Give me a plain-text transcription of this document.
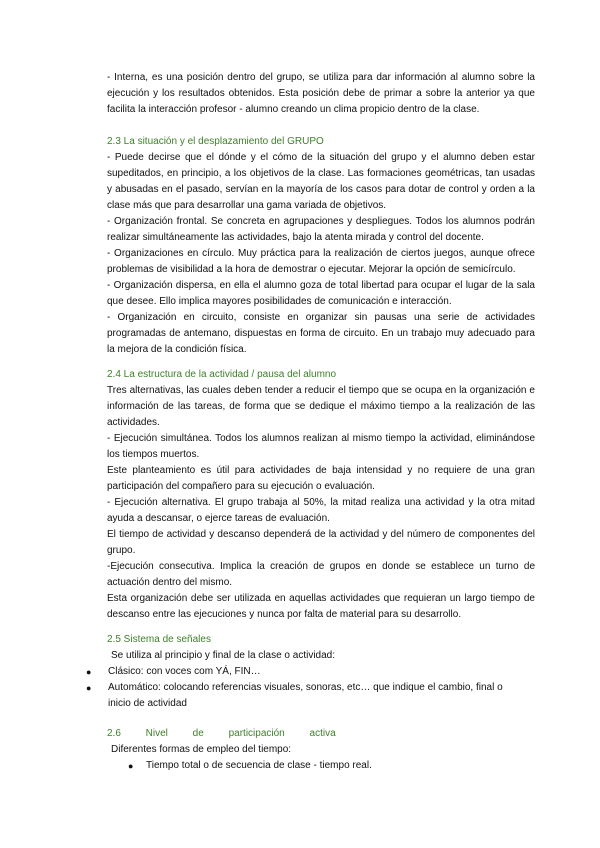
- Interna, es una posición dentro del grupo, se utiliza para dar información al alumno sobre la ejecución y los resultados obtenidos. Esta posición debe de primar a sobre la anterior ya que facilita la interacción profesor - alumno creando un clima propicio dentro de la clase.

2.3 La situación y el desplazamiento del GRUPO

- Puede decirse que el dónde y el cómo de la situación del grupo y el alumno deben estar supeditados, en principio, a los objetivos de la clase. Las formaciones geométricas, tan usadas y abusadas en el pasado, servían en la mayoría de los casos para dotar de control y orden a la clase más que para desarrollar una gama variada de objetivos.

- Organización frontal. Se concreta en agrupaciones y despliegues. Todos los alumnos podrán realizar simultáneamente las actividades, bajo la atenta mirada y control del docente.

- Organizaciones en círculo. Muy práctica para la realización de ciertos juegos, aunque ofrece problemas de visibilidad a la hora de demostrar o ejecutar. Mejorar la opción de semicírculo.

- Organización dispersa, en ella el alumno goza de total libertad para ocupar el lugar de la sala que desee. Ello implica mayores posibilidades de comunicación e interacción.

- Organización en circuito, consiste en organizar sin pausas una serie de actividades programadas de antemano, dispuestas en forma de circuito. En un trabajo muy adecuado para la mejora de la condición física.

2.4 La estructura de la actividad / pausa del alumno

Tres alternativas, las cuales deben tender a reducir el tiempo que se ocupa en la organización e información de las tareas, de forma que se dedique el máximo tiempo a la realización de las actividades.

- Ejecución simultánea. Todos los alumnos realizan al mismo tiempo la actividad, eliminándose los tiempos muertos.

Este planteamiento es útil para actividades de baja intensidad y no requiere de una gran participación del compañero para su ejecución o evaluación.

- Ejecución alternativa. El grupo trabaja al 50%, la mitad realiza una actividad y la otra mitad ayuda a descansar, o ejerce tareas de evaluación.

El tiempo de actividad y descanso dependerá de la actividad y del número de componentes del grupo.

-Ejecución consecutiva. Implica la creación de grupos en donde se establece un turno de actuación dentro del mismo.

Esta organización debe ser utilizada en aquellas actividades que requieran un largo tiempo de descanso entre las ejecuciones y nunca por falta de material para su desarrollo.

2.5 Sistema de señales

Se utiliza al principio y final de la clase o actividad:

●	Clásico: con voces com YÁ, FIN…
●	Automático: colocando referencias visuales, sonoras, etc… que indique el cambio, final o inicio de actividad
2.6 Nivel de participación activa

Diferentes formas de empleo del tiempo:

●	Tiempo total o de secuencia de clase - tiempo real.
